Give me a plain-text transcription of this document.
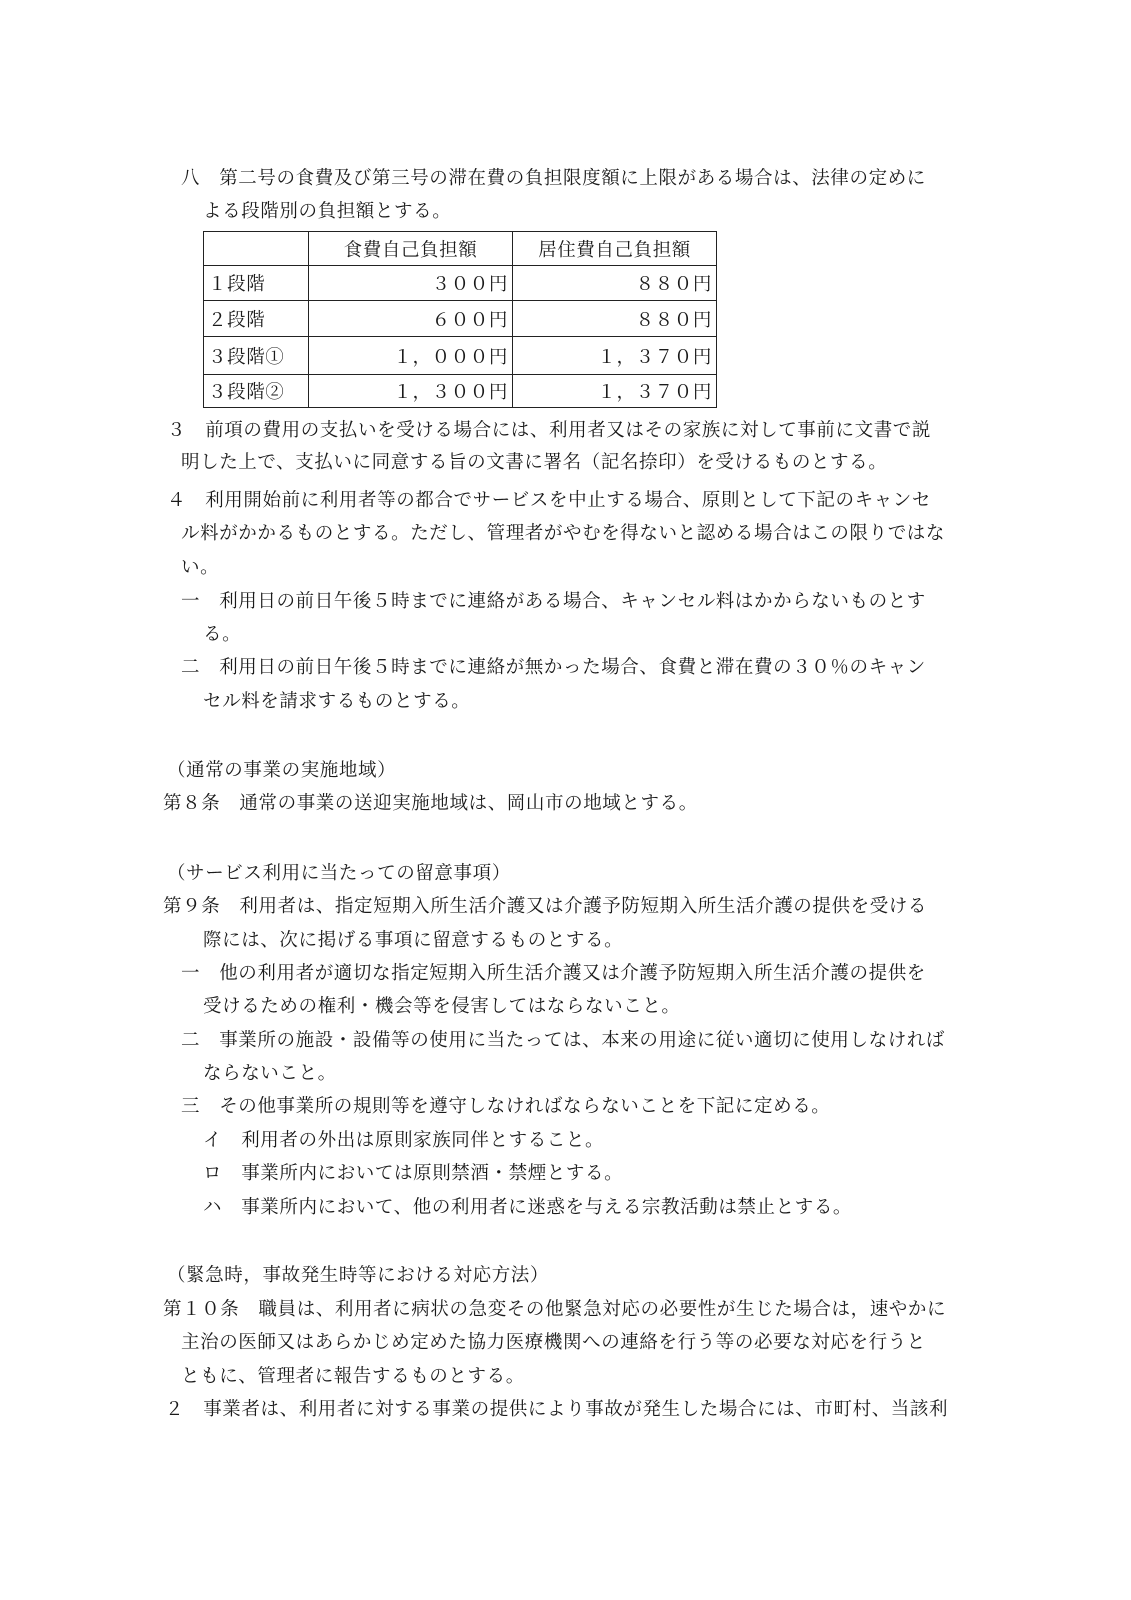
八　第二号の食費及び第三号の滞在費の負担限度額に上限がある場合は、法律の定めに
よる段階別の負担額とする。
	食費自己負担額	居住費自己負担額
１段階	３００円	８８０円
２段階	６００円	８８０円
３段階①	１，０００円	１，３７０円
３段階②	１，３００円	１，３７０円
３　前項の費用の支払いを受ける場合には、利用者又はその家族に対して事前に文書で説
明した上で、支払いに同意する旨の文書に署名（記名捺印）を受けるものとする。
４　利用開始前に利用者等の都合でサービスを中止する場合、原則として下記のキャンセ
ル料がかかるものとする。ただし、管理者がやむを得ないと認める場合はこの限りではな
い。
一　利用日の前日午後５時までに連絡がある場合、キャンセル料はかからないものとす
る。
二　利用日の前日午後５時までに連絡が無かった場合、食費と滞在費の３０％のキャン
セル料を請求するものとする。
（通常の事業の実施地域）
第８条　通常の事業の送迎実施地域は、岡山市の地域とする。
（サービス利用に当たっての留意事項）
第９条　利用者は、指定短期入所生活介護又は介護予防短期入所生活介護の提供を受ける
際には、次に掲げる事項に留意するものとする。
一　他の利用者が適切な指定短期入所生活介護又は介護予防短期入所生活介護の提供を
受けるための権利・機会等を侵害してはならないこと。
二　事業所の施設・設備等の使用に当たっては、本来の用途に従い適切に使用しなければ
ならないこと。
三　その他事業所の規則等を遵守しなければならないことを下記に定める。
イ　利用者の外出は原則家族同伴とすること。
ロ　事業所内においては原則禁酒・禁煙とする。
ハ　事業所内において、他の利用者に迷惑を与える宗教活動は禁止とする。
（緊急時，事故発生時等における対応方法）
第１０条　職員は、利用者に病状の急変その他緊急対応の必要性が生じた場合は，速やかに
主治の医師又はあらかじめ定めた協力医療機関への連絡を行う等の必要な対応を行うと
ともに、管理者に報告するものとする。
２　事業者は、利用者に対する事業の提供により事故が発生した場合には、市町村、当該利
